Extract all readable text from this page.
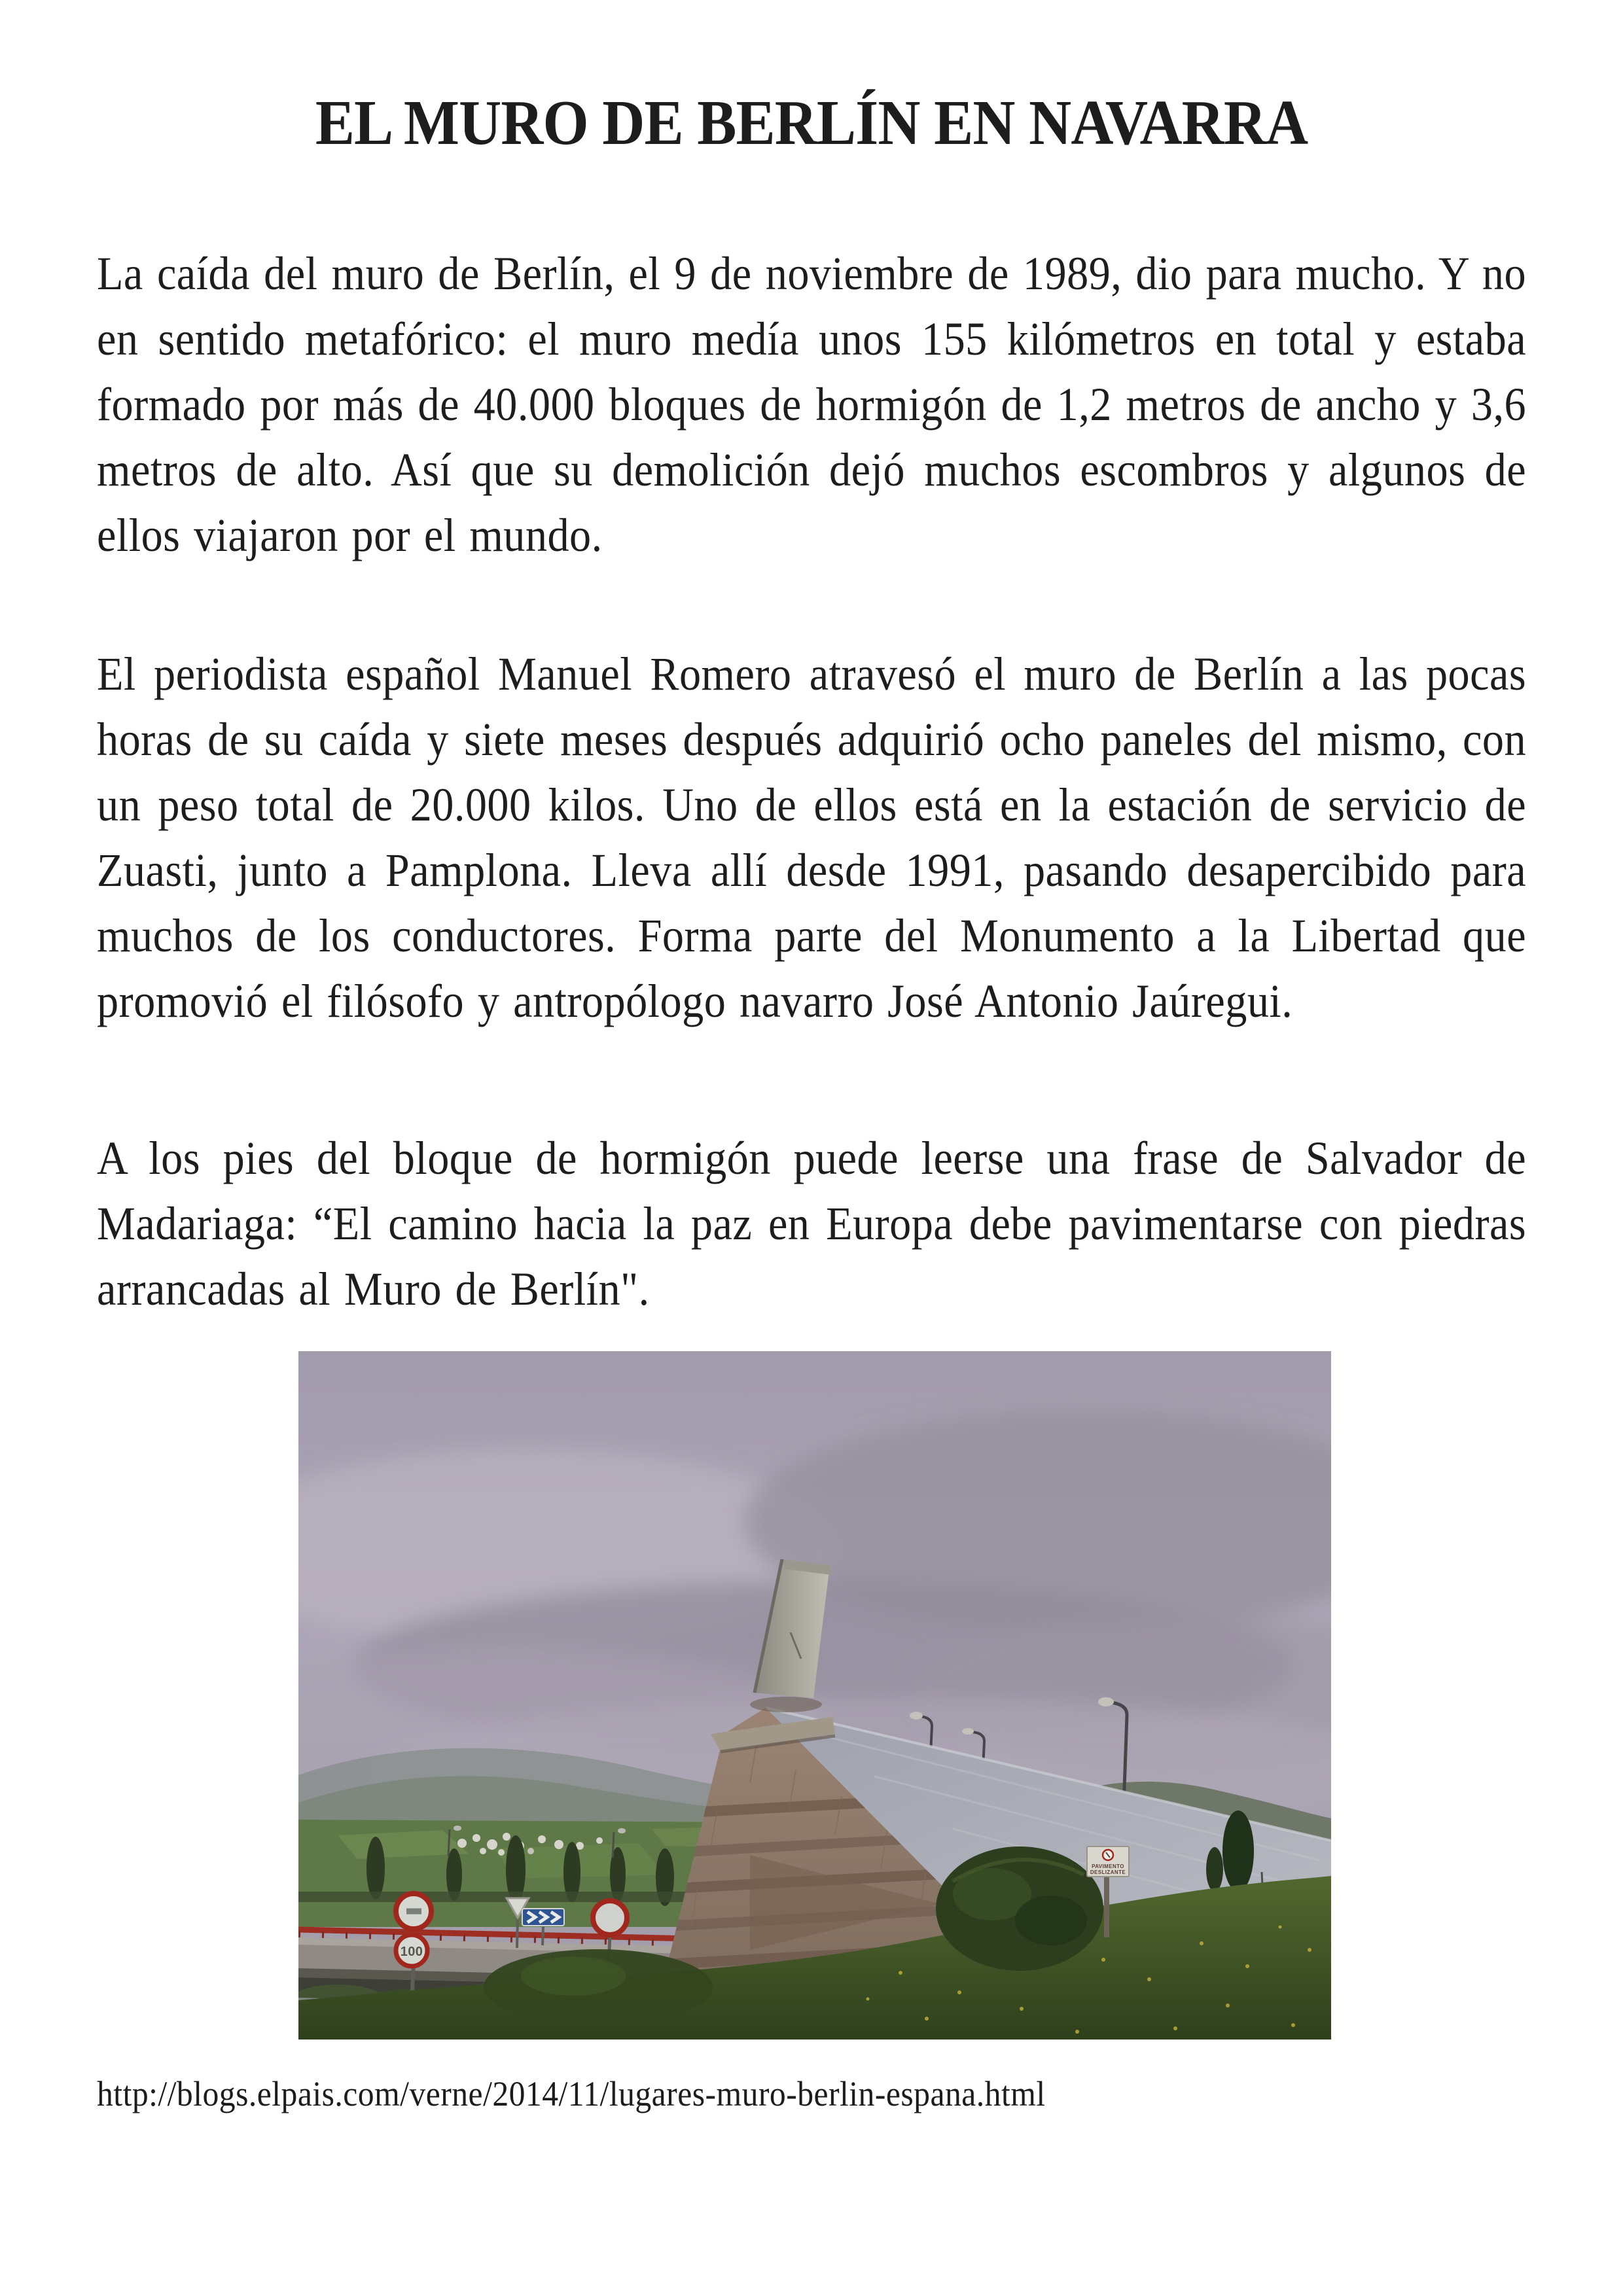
EL MURO DE BERLÍN EN NAVARRA

La caída del muro de Berlín, el 9 de noviembre de 1989, dio para mucho. Y no en sentido metafórico: el muro medía unos 155 kilómetros en total y estaba formado por más de 40.000 bloques de hormigón de 1,2 metros de ancho y 3,6 metros de alto. Así que su demolición dejó muchos escombros y algunos de ellos viajaron por el mundo.

El periodista español Manuel Romero atravesó el muro de Berlín a las pocas horas de su caída y siete meses después adquirió ocho paneles del mismo, con un peso total de 20.000 kilos. Uno de ellos está en la estación de servicio de Zuasti, junto a Pamplona. Lleva allí desde 1991, pasando desapercibido para muchos de los conductores. Forma parte del Monumento a la Libertad que promovió el filósofo y antropólogo navarro José Antonio Jaúregui.

A los pies del bloque de hormigón puede leerse una frase de Salvador de Madariaga: “El camino hacia la paz en Europa debe pavimentarse con piedras arrancadas al Muro de Berlín".

100
PAVIMENTO
DESLIZANTE
http://blogs.elpais.com/verne/2014/11/lugares-muro-berlin-espana.html
